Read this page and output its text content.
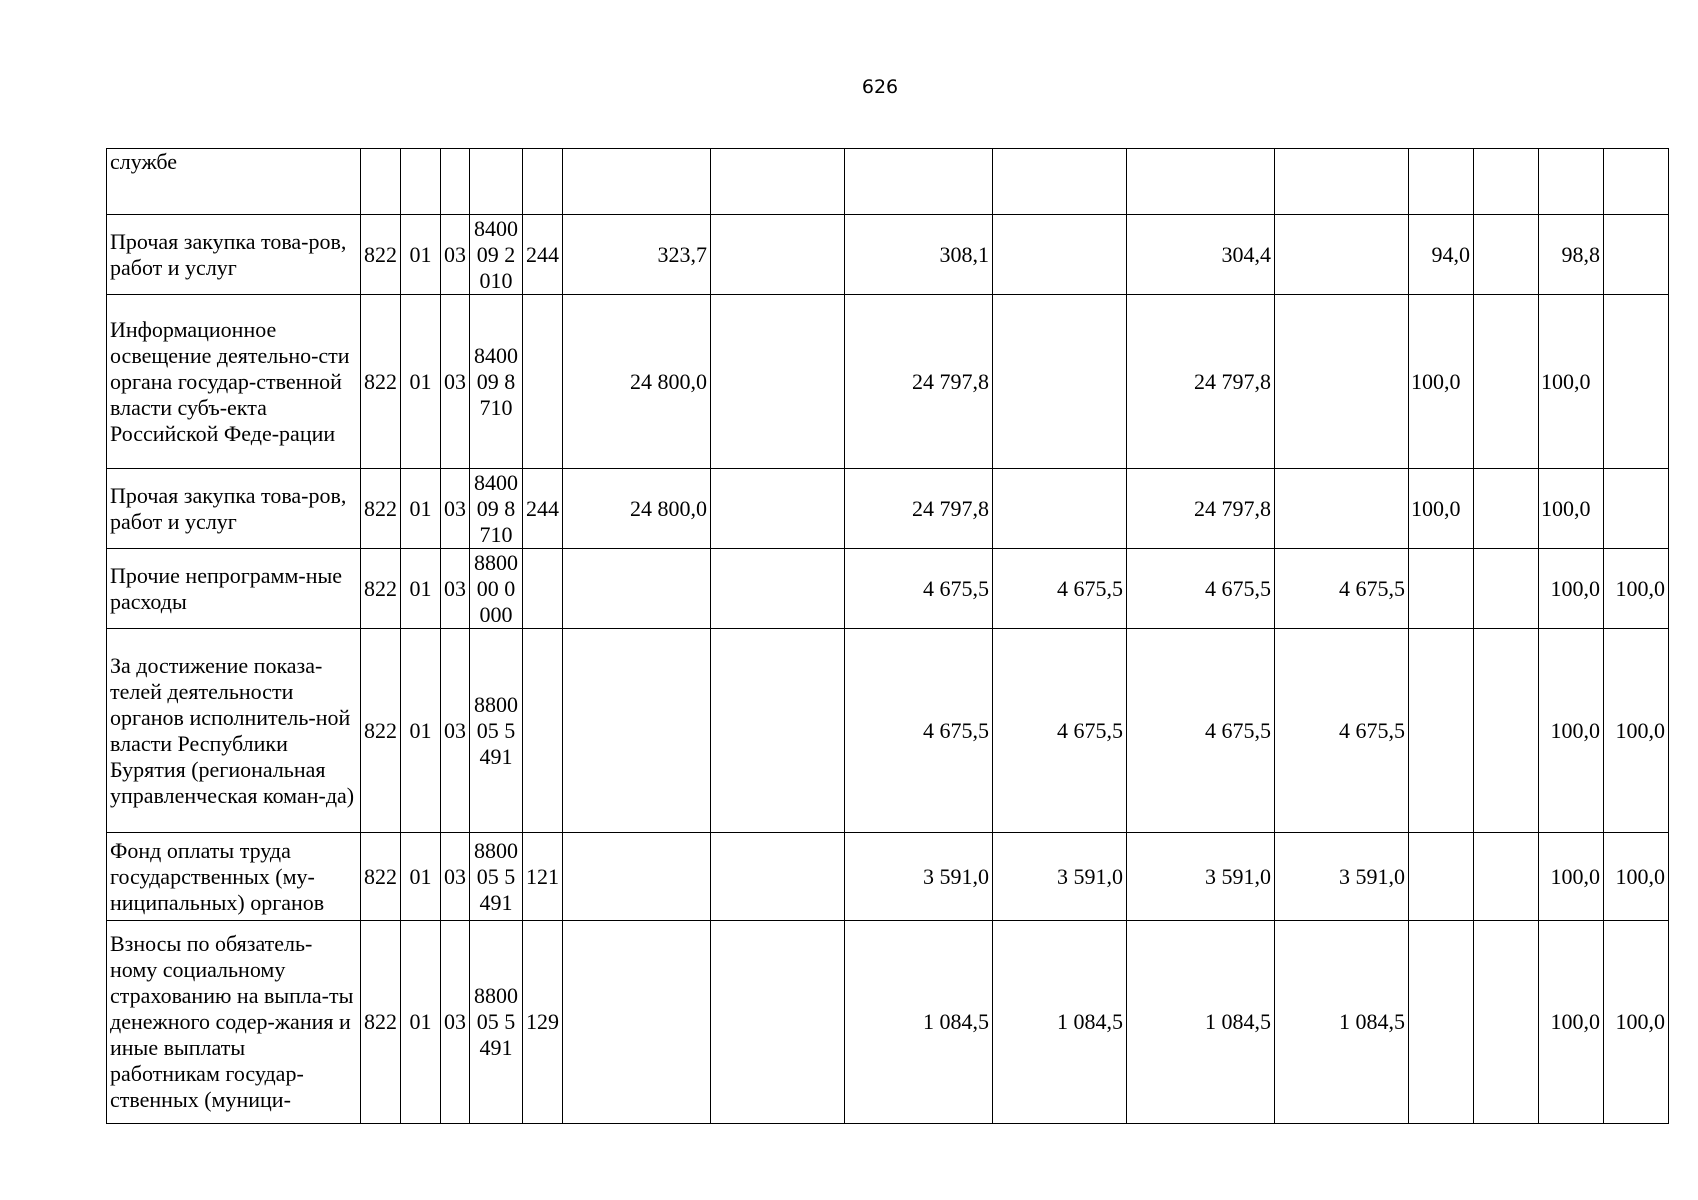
626
службе															
Прочая закупка това-ров, работ и услуг	822	01	03	840009 2010	244	323,7		308,1		304,4		94,0		98,8	
Информационное освещение деятельно-сти органа государ-ственной власти субъ-екта Российской Феде-рации	822	01	03	840009 8710		24 800,0		24 797,8		24 797,8		100,0		100,0	
Прочая закупка това-ров, работ и услуг	822	01	03	840009 8710	244	24 800,0		24 797,8		24 797,8		100,0		100,0	
Прочие непрограмм-ные расходы	822	01	03	880000 0000				4 675,5	4 675,5	4 675,5	4 675,5			100,0	100,0
За достижение показа-телей деятельности органов исполнитель-ной власти Республики Бурятия (региональная управленческая коман-да)	822	01	03	880005 5491				4 675,5	4 675,5	4 675,5	4 675,5			100,0	100,0
Фонд оплаты труда государственных (му-ниципальных) органов	822	01	03	880005 5491	121			3 591,0	3 591,0	3 591,0	3 591,0			100,0	100,0
Взносы по обязатель-ному социальному страхованию на выпла-ты денежного содер-жания и иные выплаты работникам государ-ственных (муници-	822	01	03	880005 5491	129			1 084,5	1 084,5	1 084,5	1 084,5			100,0	100,0
